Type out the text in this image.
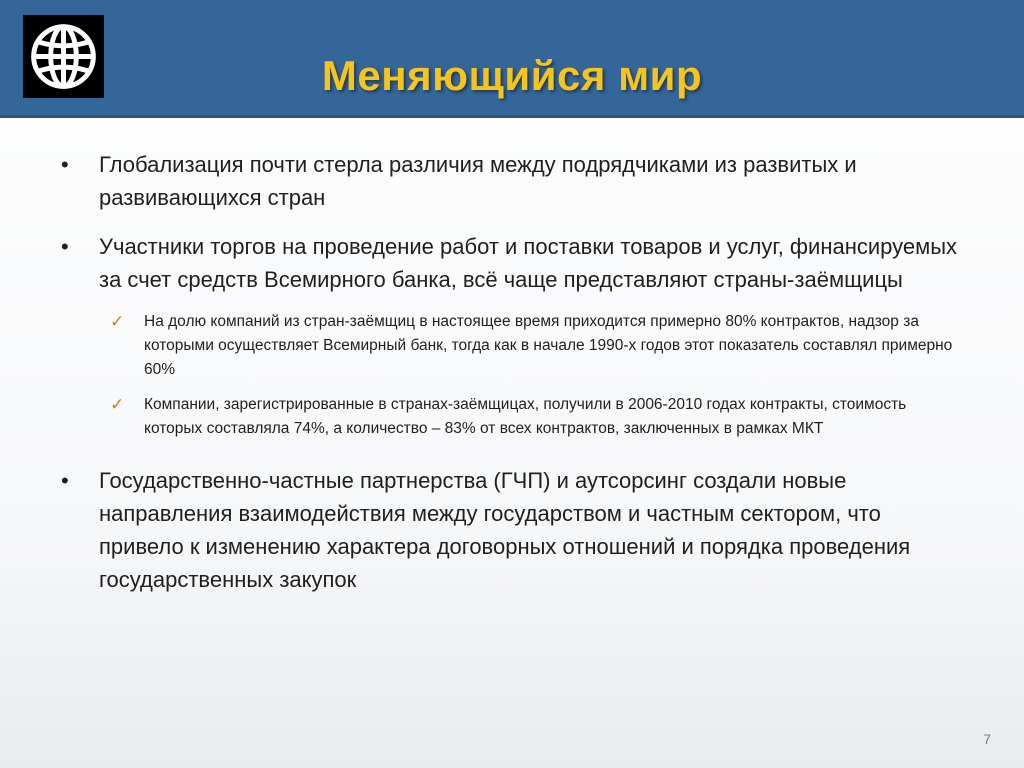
Меняющийся мир
• Глобализация почти стерла различия между подрядчиками из развитых и развивающихся стран
• Участники торгов на проведение работ и поставки товаров и услуг, финансируемых за счет средств Всемирного банка, всё чаще представляют страны-заёмщицы
✓ На долю компаний из стран-заёмщиц в настоящее время приходится примерно 80% контрактов, надзор за которыми осуществляет Всемирный банк, тогда как в начале 1990-х годов этот показатель составлял примерно 60%
✓ Компании, зарегистрированные в странах-заёмщицах, получили в 2006-2010 годах контракты, стоимость которых составляла 74%, а количество – 83% от всех контрактов, заключенных в рамках МКТ
• Государственно-частные партнерства (ГЧП) и аутсорсинг создали новые направления взаимодействия между государством и частным сектором, что привело к изменению характера договорных отношений и порядка проведения государственных закупок
7
